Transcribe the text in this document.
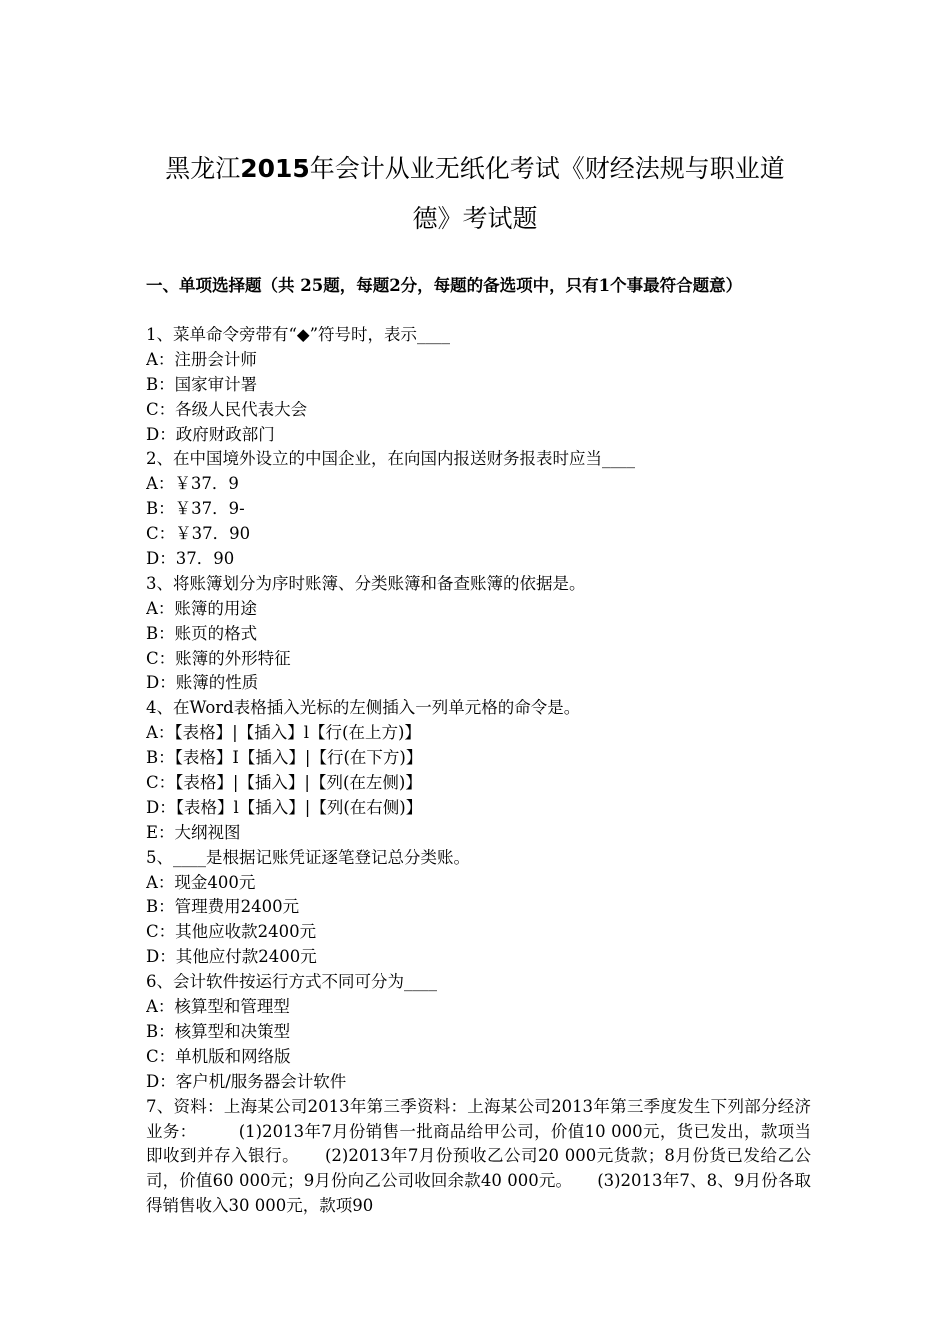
黑龙江2015年会计从业无纸化考试《财经法规与职业道
德》考试题
一、单项选择题（共 25题，每题2分，每题的备选项中，只有1个事最符合题意）
1、菜单命令旁带有“◆”符号时，表示____
A：注册会计师
B：国家审计署
C：各级人民代表大会
D：政府财政部门
2、在中国境外设立的中国企业，在向国内报送财务报表时应当____
A：￥37．9
B：￥37．9-
C：￥37．90
D：37．90
3、将账簿划分为序时账簿、分类账簿和备查账簿的依据是。
A：账簿的用途
B：账页的格式
C：账簿的外形特征
D：账簿的性质
4、在Word表格插入光标的左侧插入一列单元格的命令是。
A：【表格】|【插入】l【行(在上方)】
B：【表格】I【插入】|【行(在下方)】
C：【表格】|【插入】|【列(在左侧)】
D：【表格】l【插入】|【列(在右侧)】
E：大纲视图
5、____是根据记账凭证逐笔登记总分类账。
A：现金400元
B：管理费用2400元
C：其他应收款2400元
D：其他应付款2400元
6、会计软件按运行方式不同可分为____
A：核算型和管理型
B：核算型和决策型
C：单机版和网络版
D：客户机/服务器会计软件
7、资料：上海某公司2013年第三季资料：上海某公司2013年第三季度发生下列部分经济业务：　　　(1)2013年7月份销售一批商品给甲公司，价值10 000元，货已发出，款项当即收到并存入银行。　　(2)2013年7月份预收乙公司20 000元货款；8月份货已发给乙公司，价值60 000元；9月份向乙公司收回余款40 000元。　　(3)2013年7、8、9月份各取得销售收入30 000元，款项90
